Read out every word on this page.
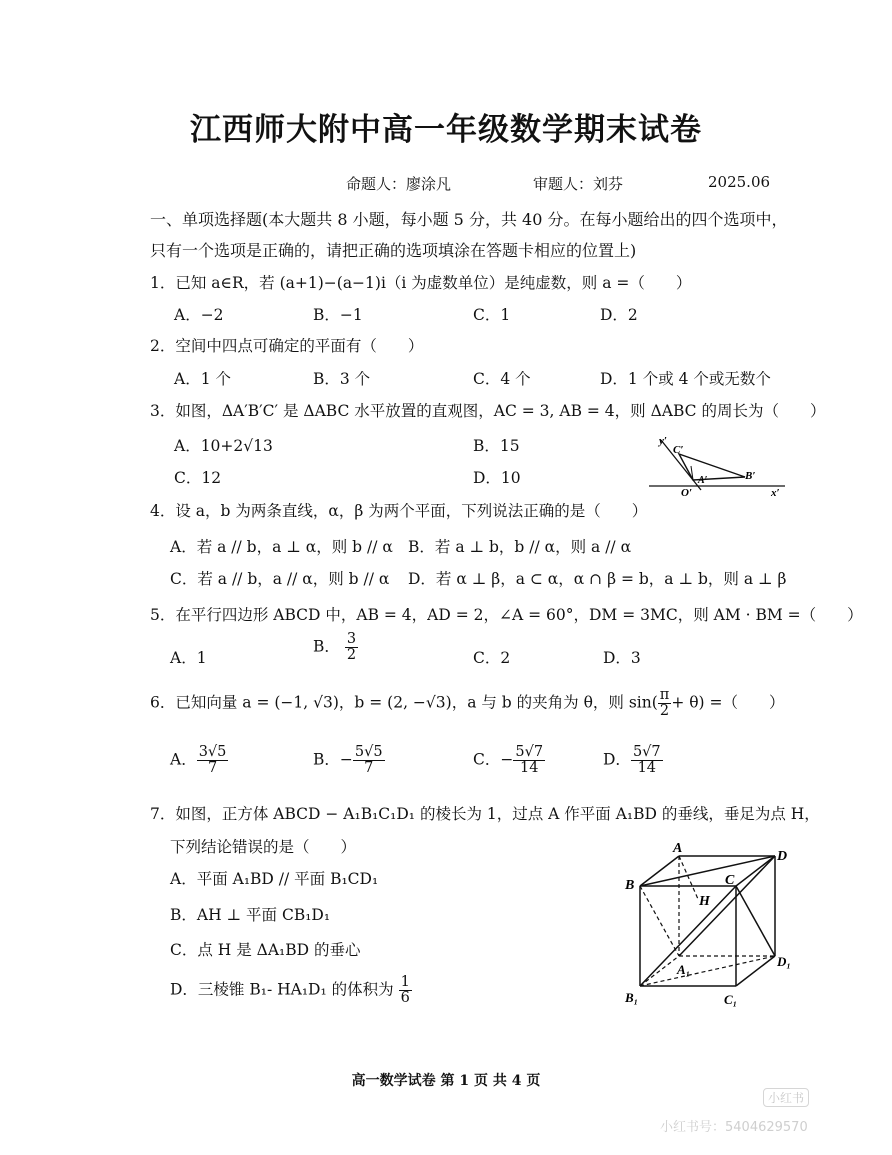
江西师大附中高一年级数学期末试卷
命题人：廖涂凡	审题人：刘芬	2025.06
一、单项选择题(本大题共 8 小题，每小题 5 分，共 40 分。在每小题给出的四个选项中，
只有一个选项是正确的，请把正确的选项填涂在答题卡相应的位置上)
1．已知 a∈R，若 (a+1)−(a−1)i（i 为虚数单位）是纯虚数，则 a =（　　）
A．−2	B．−1	C．1	D．2
2．空间中四点可确定的平面有（　　）
A．1 个	B．3 个	C．4 个	D．1 个或 4 个或无数个
3．如图，ΔA′B′C′ 是 ΔABC 水平放置的直观图，AC = 3, AB = 4，则 ΔABC 的周长为（　　）
A．10+2√13	B．15
C．12	D．10
y′
C′
B′
A′
O′	x′
4．设 a，b 为两条直线，α，β 为两个平面，下列说法正确的是（　　）
A．若 a // b，a ⊥ α，则 b // α B．若 a ⊥ b，b // α，则 a // α
C．若 a // b，a // α，则 b // α D．若 α ⊥ β，a ⊂ α，α ∩ β = b，a ⊥ b，则 a ⊥ β
5．在平行四边形 ABCD 中，AB = 4，AD = 2，∠A = 60°，DM = 3MC，则 AM · BM =（　　）
A．1
B． $\frac{3}{2}$	C．2	D．3
6．已知向量 a = (−1, √3)，b = (2, −√3)，a 与 b 的夹角为 θ，则 $\sin( \frac{\pi}{2} + \theta)$ =（　　）
A． $\frac{3√5}{7}$	B．− $\frac{5√5}{7}$	C．− $\frac{5√7}{14}$	D． $\frac{5√7}{14}$
7．如图，正方体 ABCD − A₁B₁C₁D₁ 的棱长为 1，过点 A 作平面 A₁BD 的垂线，垂足为点 H，
下列结论错误的是（　　）
A．平面 A₁BD // 平面 B₁CD₁
B．AH ⊥ 平面 CB₁D₁
C．点 H 是 ΔA₁BD 的垂心
D．三棱锥 B₁- HA₁D₁ 的体积为 $\frac{1}{6}$
A
D
B	C
H
A₁
D₁
B₁	C₁
高一数学试卷 第 1 页 共 4 页
小红书
小红书号：5404629570
